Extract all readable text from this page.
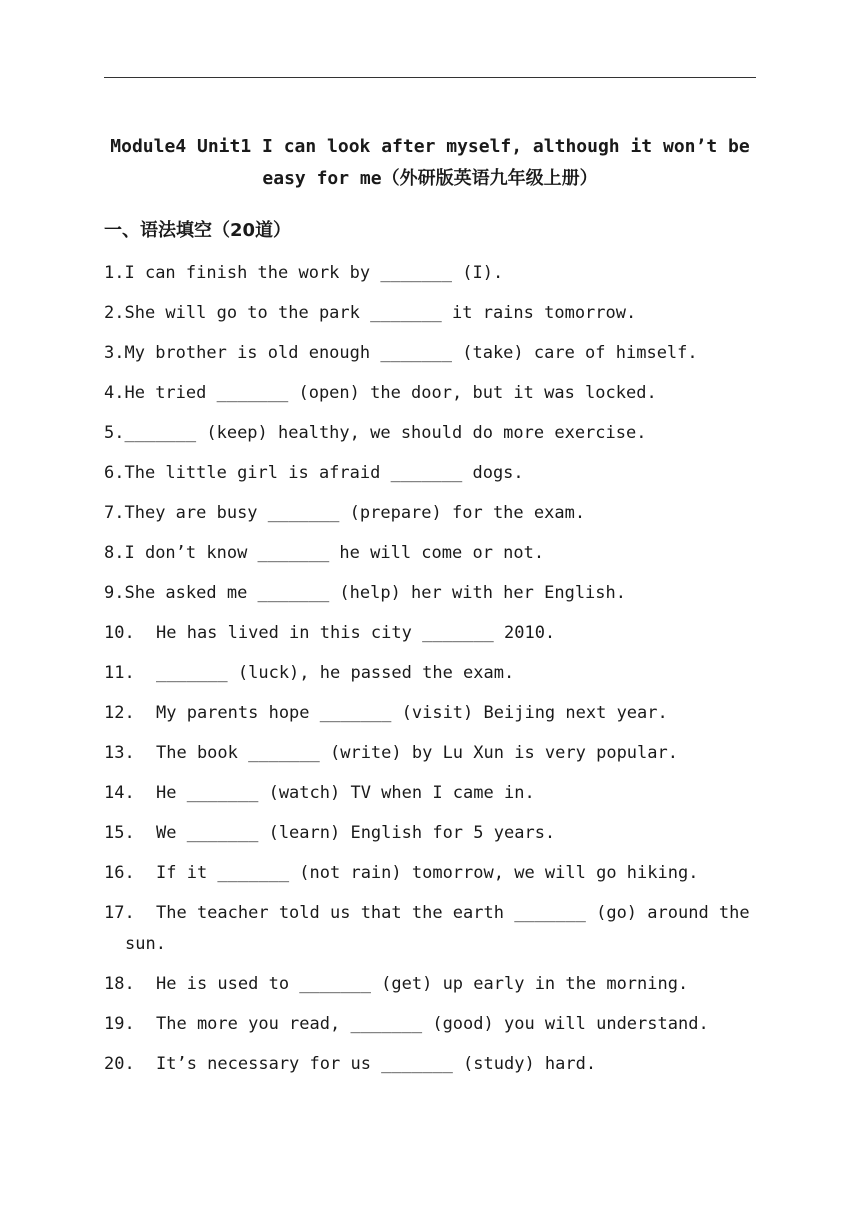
Module4 Unit1 I can look after myself, although it won’t be
easy for me（外研版英语九年级上册）
一、语法填空（20道）
1.I can finish the work by _______ (I).
2.She will go to the park _______ it rains tomorrow.
3.My brother is old enough _______ (take) care of himself.
4.He tried _______ (open) the door, but it was locked.
5._______ (keep) healthy, we should do more exercise.
6.The little girl is afraid _______ dogs.
7.They are busy _______ (prepare) for the exam.
8.I don’t know _______ he will come or not.
9.She asked me _______ (help) her with her English.
10. He has lived in this city _______ 2010.
11. _______ (luck), he passed the exam.
12. My parents hope _______ (visit) Beijing next year.
13. The book _______ (write) by Lu Xun is very popular.
14. He _______ (watch) TV when I came in.
15. We _______ (learn) English for 5 years.
16. If it _______ (not rain) tomorrow, we will go hiking.
17. The teacher told us that the earth _______ (go) around the
sun.
18. He is used to _______ (get) up early in the morning.
19. The more you read, _______ (good) you will understand.
20. It’s necessary for us _______ (study) hard.
